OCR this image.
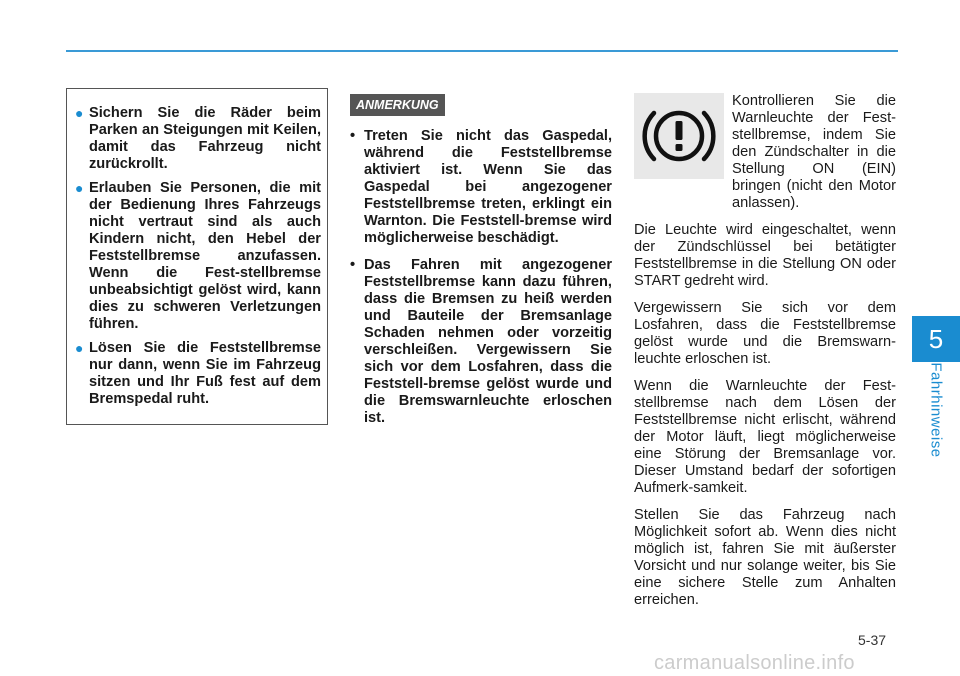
5
Fahrhinweise
● Sichern Sie die Räder beim Parken an Steigungen mit Keilen, damit das Fahrzeug nicht zurückrollt.
● Erlauben Sie Personen, die mit der Bedienung Ihres Fahrzeugs nicht vertraut sind als auch Kindern nicht, den Hebel der Feststellbremse anzufassen. Wenn die Fest-stellbremse unbeabsichtigt gelöst wird, kann dies zu schweren Verletzungen führen.
● Lösen Sie die Feststellbremse nur dann, wenn Sie im Fahrzeug sitzen und Ihr Fuß fest auf dem Bremspedal ruht.
ANMERKUNG
• Treten Sie nicht das Gaspedal, während die Feststellbremse aktiviert ist. Wenn Sie das Gaspedal bei angezogener Feststellbremse treten, erklingt ein Warnton. Die Feststell-bremse wird möglicherweise beschädigt.
• Das Fahren mit angezogener Feststellbremse kann dazu führen, dass die Bremsen zu heiß werden und Bauteile der Bremsanlage Schaden nehmen oder vorzeitig verschleißen. Vergewissern Sie sich vor dem Losfahren, dass die Feststell-bremse gelöst wurde und die Bremswarnleuchte erloschen ist.
Kontrollieren Sie die Warnleuchte der Fest-stellbremse, indem Sie den Zündschalter in die Stellung ON (EIN) bringen (nicht den Motor anlassen).

Die Leuchte wird eingeschaltet, wenn der Zündschlüssel bei betätigter Feststellbremse in die Stellung ON oder START gedreht wird.

Vergewissern Sie sich vor dem Losfahren, dass die Feststellbremse gelöst wurde und die Bremswarn-leuchte erloschen ist.

Wenn die Warnleuchte der Fest-stellbremse nach dem Lösen der Feststellbremse nicht erlischt, während der Motor läuft, liegt möglicherweise eine Störung der Bremsanlage vor. Dieser Umstand bedarf der sofortigen Aufmerk-samkeit.

Stellen Sie das Fahrzeug nach Möglichkeit sofort ab. Wenn dies nicht möglich ist, fahren Sie mit äußerster Vorsicht und nur solange weiter, bis Sie eine sichere Stelle zum Anhalten erreichen.

5-37
carmanualsonline.info
